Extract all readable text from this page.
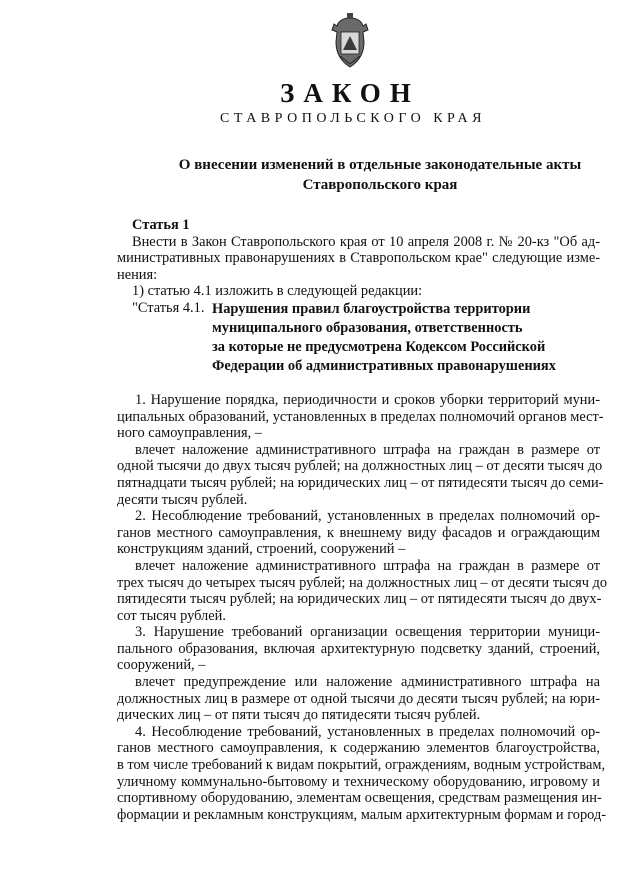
ЗАКОН
СТАВРОПОЛЬСКОГО КРАЯ
О внесении изменений в отдельные законодательные акты
Ставропольского края
Статья 1

Внести в Закон Ставропольского края от 10 апреля 2008 г. № 20-кз "Об ад-
министративных правонарушениях в Ставропольском крае" следующие изме-
нения:

1) статью 4.1 изложить в следующей редакции:
"Статья 4.1. Нарушения правил благоустройства территории
муниципального образования, ответственность
за которые не предусмотрена Кодексом Российской
Федерации об административных правонарушениях

1. Нарушение порядка, периодичности и сроков уборки территорий муни-
ципальных образований, установленных в пределах полномочий органов мест-
ного самоуправления, –

влечет наложение административного штрафа на граждан в размере от
одной тысячи до двух тысяч рублей; на должностных лиц – от десяти тысяч до
пятнадцати тысяч рублей; на юридических лиц – от пятидесяти тысяч до семи-
десяти тысяч рублей.

2. Несоблюдение требований, установленных в пределах полномочий ор-
ганов местного самоуправления, к внешнему виду фасадов и ограждающим
конструкциям зданий, строений, сооружений –

влечет наложение административного штрафа на граждан в размере от
трех тысяч до четырех тысяч рублей; на должностных лиц – от десяти тысяч до
пятидесяти тысяч рублей; на юридических лиц – от пятидесяти тысяч до двух-
сот тысяч рублей.

3. Нарушение требований организации освещения территории муници-
пального образования, включая архитектурную подсветку зданий, строений,
сооружений, –

влечет предупреждение или наложение административного штрафа на
должностных лиц в размере от одной тысячи до десяти тысяч рублей; на юри-
дических лиц – от пяти тысяч до пятидесяти тысяч рублей.

4. Несоблюдение требований, установленных в пределах полномочий ор-
ганов местного самоуправления, к содержанию элементов благоустройства,
в том числе требований к видам покрытий, ограждениям, водным устройствам,
уличному коммунально-бытовому и техническому оборудованию, игровому и
спортивному оборудованию, элементам освещения, средствам размещения ин-
формации и рекламным конструкциям, малым архитектурным формам и город-
